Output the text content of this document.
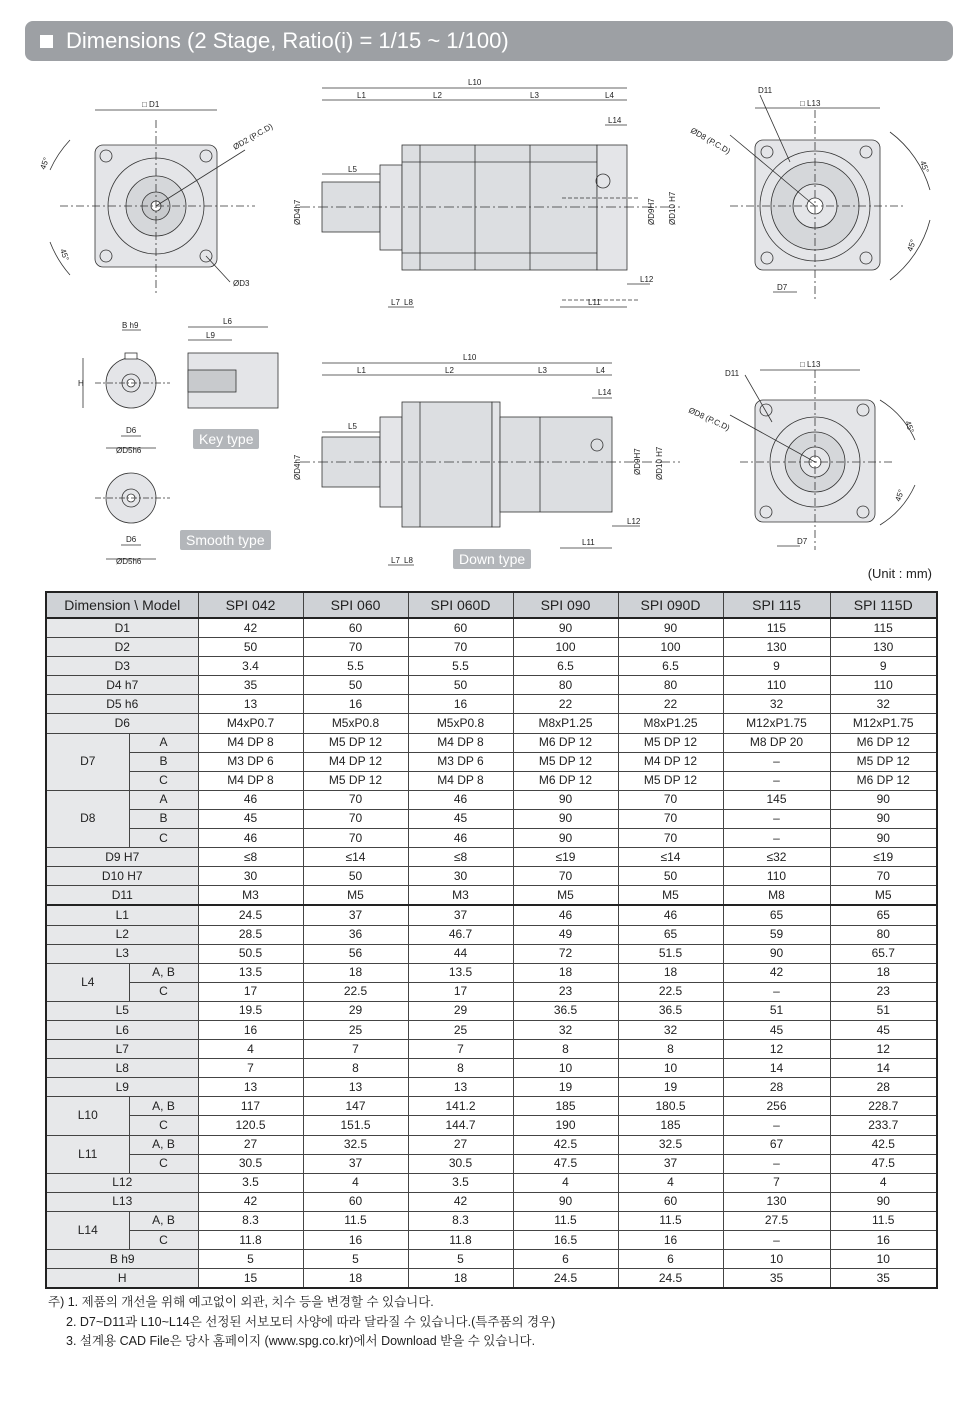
Dimensions (2 Stage, Ratio(i) = 1/15 ~ 1/100)
□ D1
ØD2 (P.C.D)
ØD3
45°
45°
L10
L1	L2	L3	L4
L14
L5
ØD4h7	ØD9H7 ØD10 H7
L12
L11
L7 L8
D11
□ L13
ØD8 (P.C.D)
D7
45°
45°
B h9
H
D6
ØD5h6
L6
L9
D6
ØD5h6
L10
L1	L2	L3	L4
L14
L5
ØD4h7	ØD9H7 ØD10 H7
L12
L11
L7 L8
D11
□ L13
ØD8 (P.C.D)
D7
45°
45°
Key type
Smooth type
Down type
(Unit : mm)
Dimension \ Model		SPI 042	SPI 060	SPI 060D	SPI 090	SPI 090D	SPI 115	SPI 115D
D1		42	60	60	90	90	115	115
D2		50	70	70	100	100	130	130
D3		3.4	5.5	5.5	6.5	6.5	9	9
D4 h7		35	50	50	80	80	110	110
D5 h6		13	16	16	22	22	32	32
D6		M4xP0.7	M5xP0.8	M5xP0.8	M8xP1.25	M8xP1.25	M12xP1.75	M12xP1.75
D7	A	M4 DP 8	M5 DP 12	M4 DP 8	M6 DP 12	M5 DP 12	M8 DP 20	M6 DP 12
	B	M3 DP 6	M4 DP 12	M3 DP 6	M5 DP 12	M4 DP 12	–	M5 DP 12
	C	M4 DP 8	M5 DP 12	M4 DP 8	M6 DP 12	M5 DP 12	–	M6 DP 12
D8	A	46	70	46	90	70	145	90
	B	45	70	45	90	70	–	90
	C	46	70	46	90	70	–	90
D9 H7		≤8	≤14	≤8	≤19	≤14	≤32	≤19
D10 H7		30	50	30	70	50	110	70
D11		M3	M5	M3	M5	M5	M8	M5
L1		24.5	37	37	46	46	65	65
L2		28.5	36	46.7	49	65	59	80
L3		50.5	56	44	72	51.5	90	65.7
L4	A, B	13.5	18	13.5	18	18	42	18
	C	17	22.5	17	23	22.5	–	23
L5		19.5	29	29	36.5	36.5	51	51
L6		16	25	25	32	32	45	45
L7		4	7	7	8	8	12	12
L8		7	8	8	10	10	14	14
L9		13	13	13	19	19	28	28
L10	A, B	117	147	141.2	185	180.5	256	228.7
	C	120.5	151.5	144.7	190	185	–	233.7
L11	A, B	27	32.5	27	42.5	32.5	67	42.5
	C	30.5	37	30.5	47.5	37	–	47.5
L12		3.5	4	3.5	4	4	7	4
L13		42	60	42	90	60	130	90
L14	A, B	8.3	11.5	8.3	11.5	11.5	27.5	11.5
	C	11.8	16	11.8	16.5	16	–	16
B h9		5	5	5	6	6	10	10
H		15	18	18	24.5	24.5	35	35
주) 1. 제품의 개선을 위해 예고없이 외관, 치수 등을 변경할 수 있습니다.
2. D7~D11과 L10~L14은 선정된 서보모터 사양에 따라 달라질 수 있습니다.(특주품의 경우)
3. 설계용 CAD File은 당사 홈페이지 (www.spg.co.kr)에서 Download 받을 수 있습니다.
